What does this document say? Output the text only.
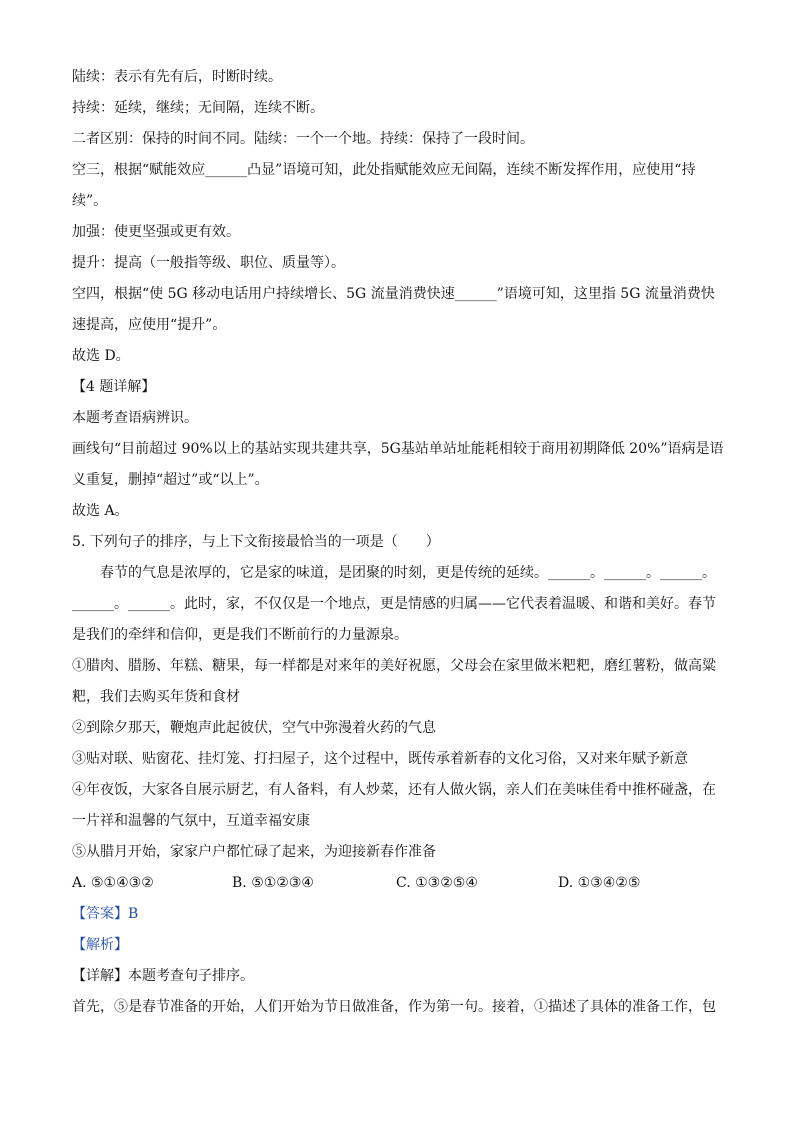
陆续：表示有先有后，时断时续。
持续：延续，继续；无间隔，连续不断。
二者区别：保持的时间不同。陆续：一个一个地。持续：保持了一段时间。
空三，根据“赋能效应______凸显”语境可知，此处指赋能效应无间隔，连续不断发挥作用，应使用“持
续”。
加强：使更坚强或更有效。
提升：提高（一般指等级、职位、质量等）。
空四，根据“使 5G 移动电话用户持续增长、5G 流量消费快速______”语境可知，这里指 5G 流量消费快
速提高，应使用“提升”。
故选 D。
【4 题详解】
本题考查语病辨识。
画线句“目前超过 90%以上的基站实现共建共享，5G基站单站址能耗相较于商用初期降低 20%”语病是语
义重复，删掉“超过”或“以上”。
故选 A。
5. 下列句子的排序，与上下文衔接最恰当的一项是（　　）
春节的气息是浓厚的，它是家的味道，是团聚的时刻，更是传统的延续。______。______。______。
______。______。此时，家，不仅仅是一个地点，更是情感的归属——它代表着温暖、和谐和美好。春节
是我们的牵绊和信仰，更是我们不断前行的力量源泉。
①腊肉、腊肠、年糕、糖果，每一样都是对来年的美好祝愿，父母会在家里做米粑粑，磨红薯粉，做高粱
粑，我们去购买年货和食材
②到除夕那天，鞭炮声此起彼伏，空气中弥漫着火药的气息
③贴对联、贴窗花、挂灯笼、打扫屋子，这个过程中，既传承着新春的文化习俗，又对来年赋予新意
④年夜饭，大家各自展示厨艺，有人备料，有人炒菜，还有人做火锅，亲人们在美味佳肴中推杯碰盏，在
一片祥和温馨的气氛中，互道幸福安康
⑤从腊月开始，家家户户都忙碌了起来，为迎接新春作准备
A. ⑤①④③②	B. ⑤①②③④	C. ①③②⑤④	D. ①③④②⑤
【答案】B
【解析】
【详解】本题考查句子排序。
首先，⑤是春节准备的开始，人们开始为节日做准备，作为第一句。接着，①描述了具体的准备工作，包
